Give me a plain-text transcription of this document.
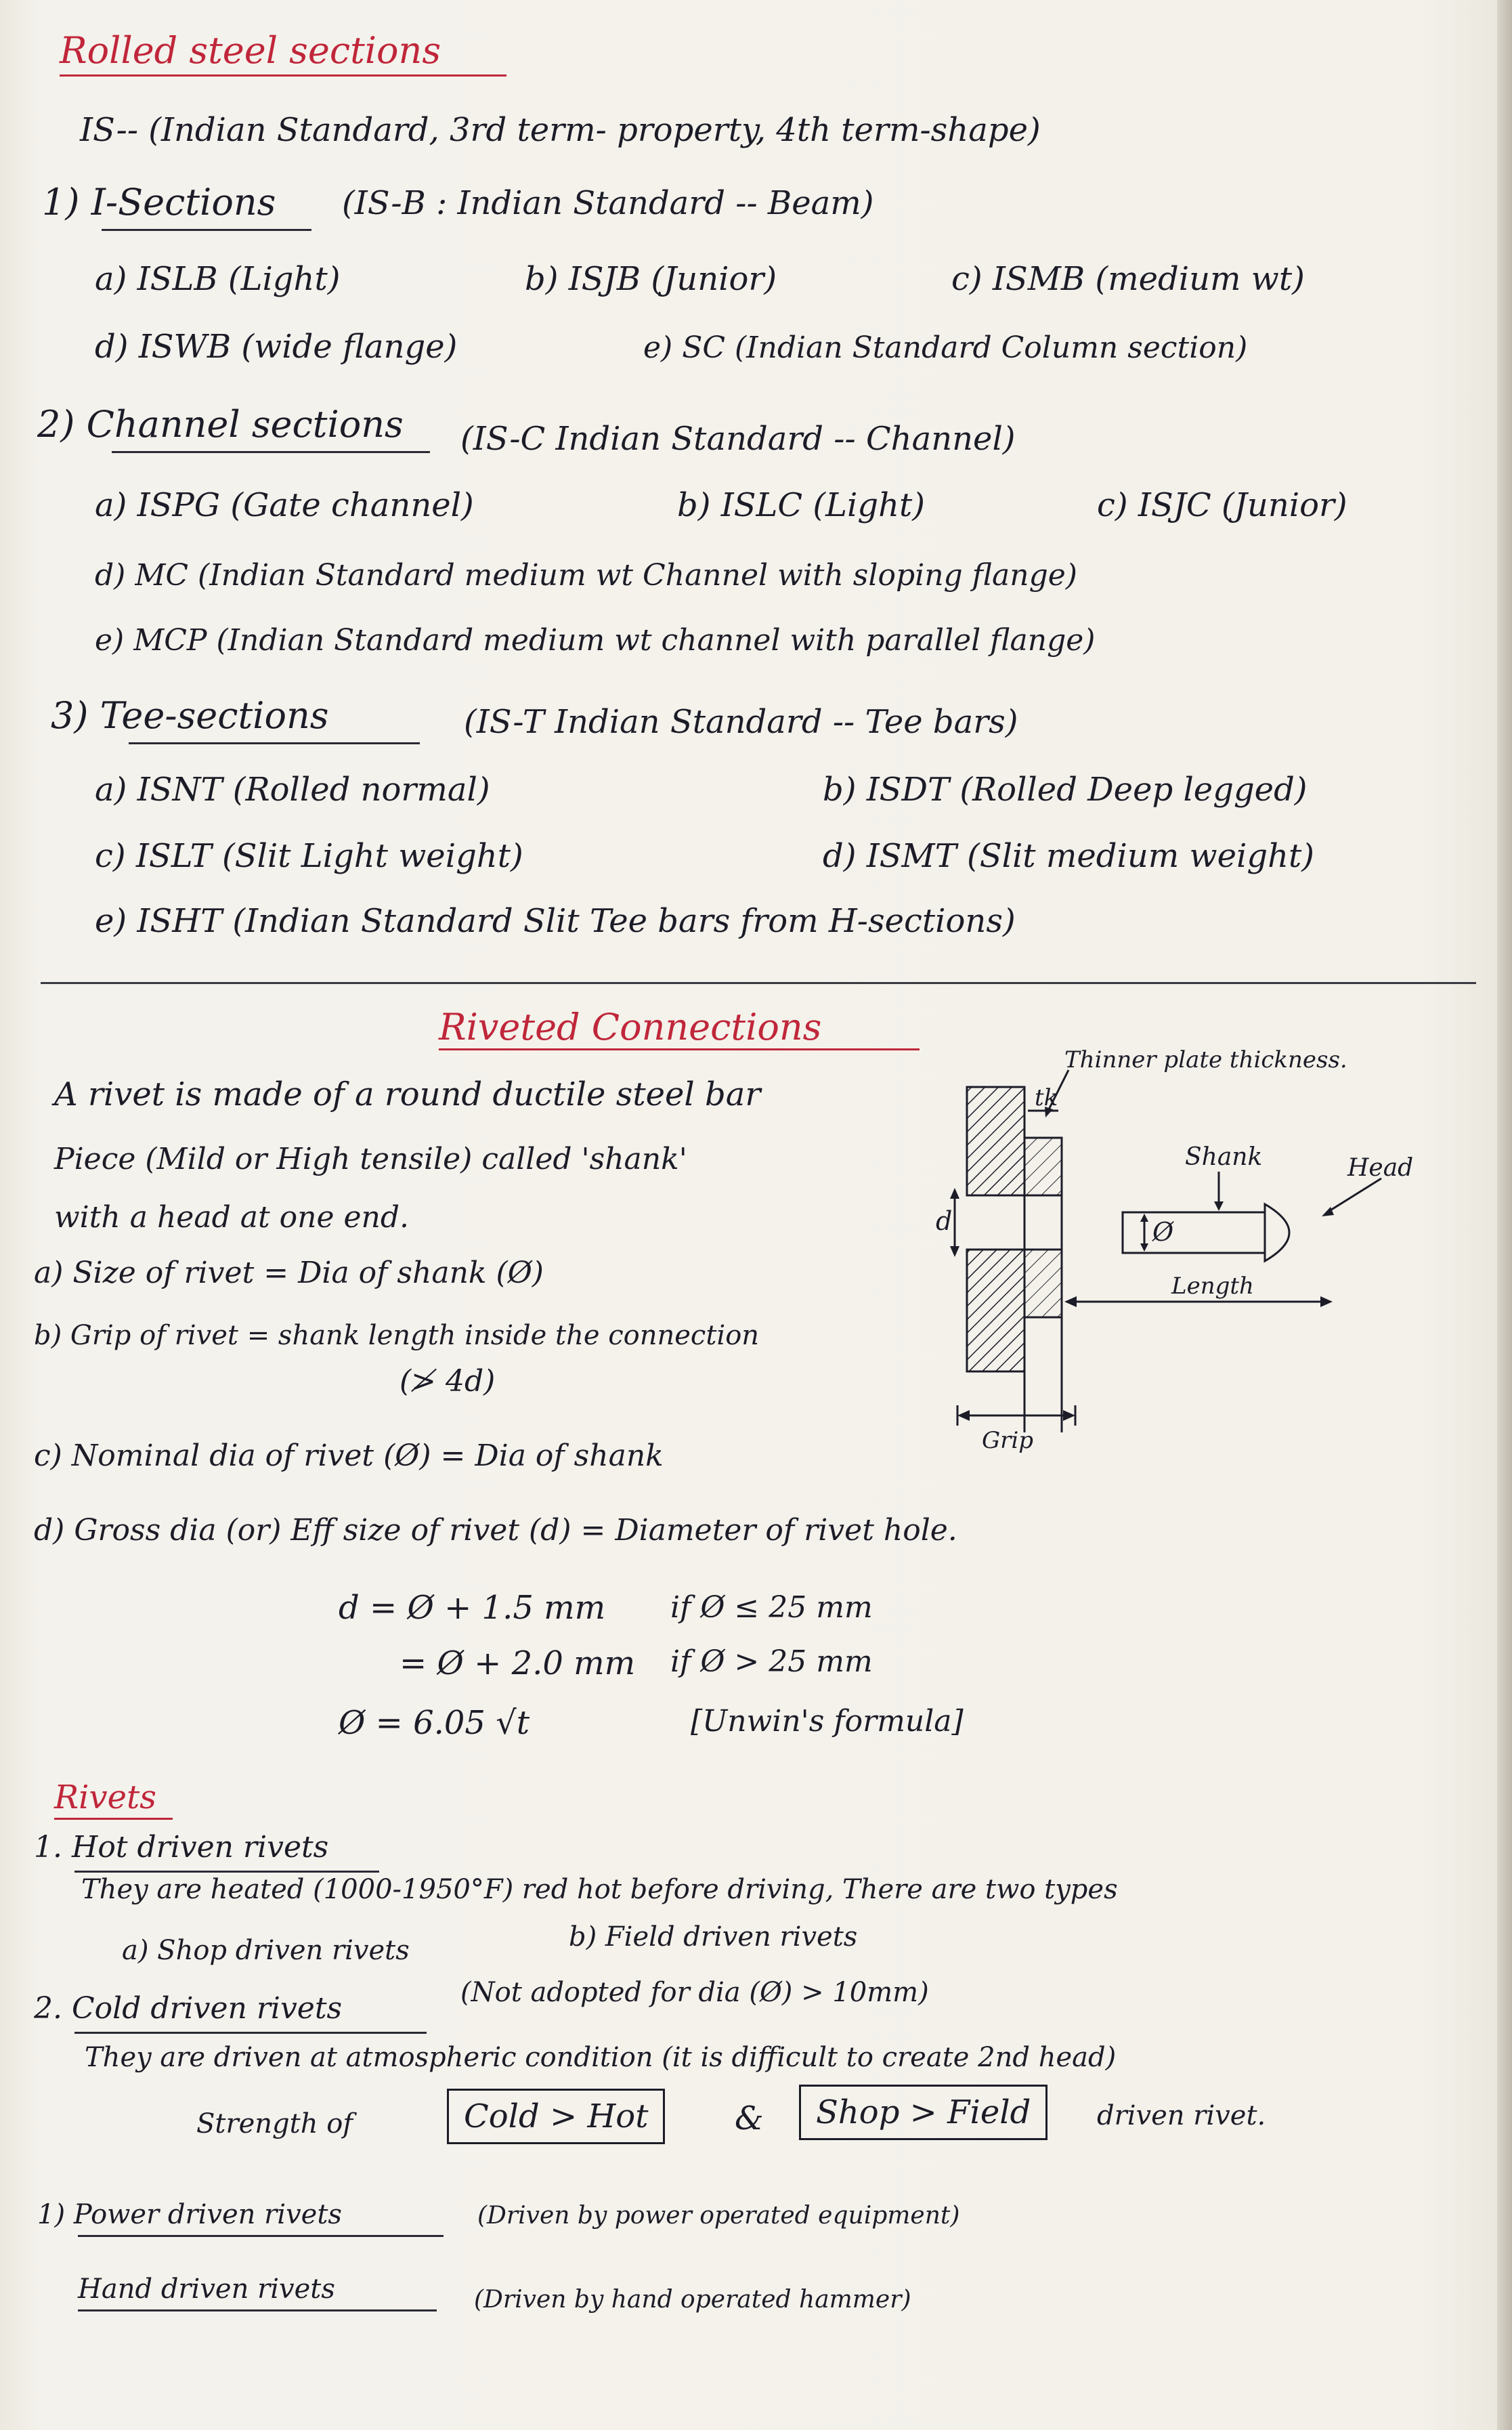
Rolled steel sections
IS-- (Indian Standard, 3rd term- property, 4th term-shape)
1) I-Sections (IS-B : Indian Standard -- Beam)
a) ISLB (Light)	b) ISJB (Junior)	c) ISMB (medium wt)
d) ISWB (wide flange)	e) SC (Indian Standard Column section)
2) Channel sections (IS-C Indian Standard -- Channel)
a) ISPG (Gate channel)	b) ISLC (Light)	c) ISJC (Junior)
d) MC (Indian Standard medium wt Channel with sloping flange)
e) MCP (Indian Standard medium wt channel with parallel flange)
3) Tee-sections	(IS-T Indian Standard -- Tee bars)
a) ISNT (Rolled normal)	b) ISDT (Rolled Deep legged)
c) ISLT (Slit Light weight)	d) ISMT (Slit medium weight)
e) ISHT (Indian Standard Slit Tee bars from H-sections)
Riveted Connections
A rivet is made of a round ductile steel bar
Piece (Mild or High tensile) called 'shank'
with a head at one end.
a) Size of rivet = Dia of shank (Ø)
b) Grip of rivet = shank length inside the connection
(≯ 4d)
c) Nominal dia of rivet (Ø) = Dia of shank
d) Gross dia (or) Eff size of rivet (d) = Diameter of rivet hole.
d = Ø + 1.5 mm if Ø ≤ 25 mm
= Ø + 2.0 mm if Ø > 25 mm
Ø = 6.05 √t	[Unwin's formula]
Thinner plate thickness.
tk
Shank	Head
d	Ø
Length
Grip
Rivets
1. Hot driven rivets
They are heated (1000-1950°F) red hot before driving, There are two types
a) Shop driven rivets	b) Field driven rivets
2. Cold driven rivets	(Not adopted for dia (Ø) > 10mm)
They are driven at atmospheric condition (it is difficult to create 2nd head)
Strength of	Cold > Hot	&	Shop > Field	driven rivet.
1) Power driven rivets	(Driven by power operated equipment)
Hand driven rivets	(Driven by hand operated hammer)
